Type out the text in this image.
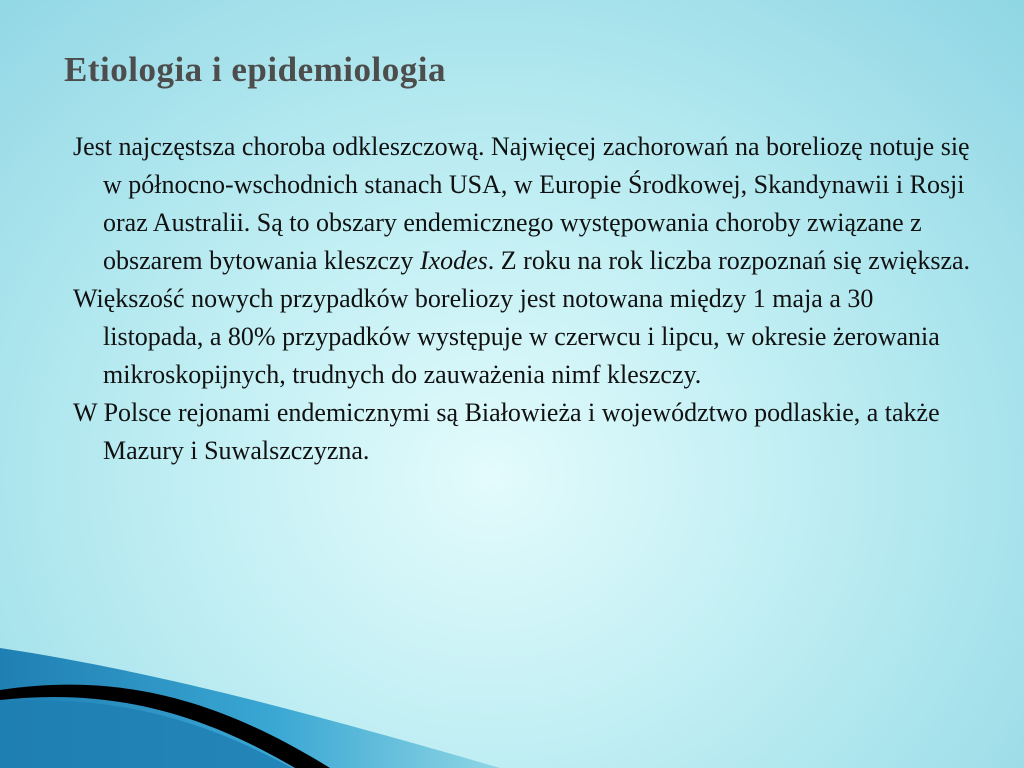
Etiologia i epidemiologia

Jest najczęstsza choroba odkleszczową. Najwięcej zachorowań na boreliozę notuje się w północno-wschodnich stanach USA, w Europie Środkowej, Skandynawii i Rosji oraz Australii. Są to obszary endemicznego występowania choroby związane z obszarem bytowania kleszczy Ixodes. Z roku na rok liczba rozpoznań się zwiększa.

Większość nowych przypadków boreliozy jest notowana między 1 maja a 30 listopada, a 80% przypadków występuje w czerwcu i lipcu, w okresie żerowania mikroskopijnych, trudnych do zauważenia nimf kleszczy.

W Polsce rejonami endemicznymi są Białowieża i województwo podlaskie, a także Mazury i Suwalszczyzna.
